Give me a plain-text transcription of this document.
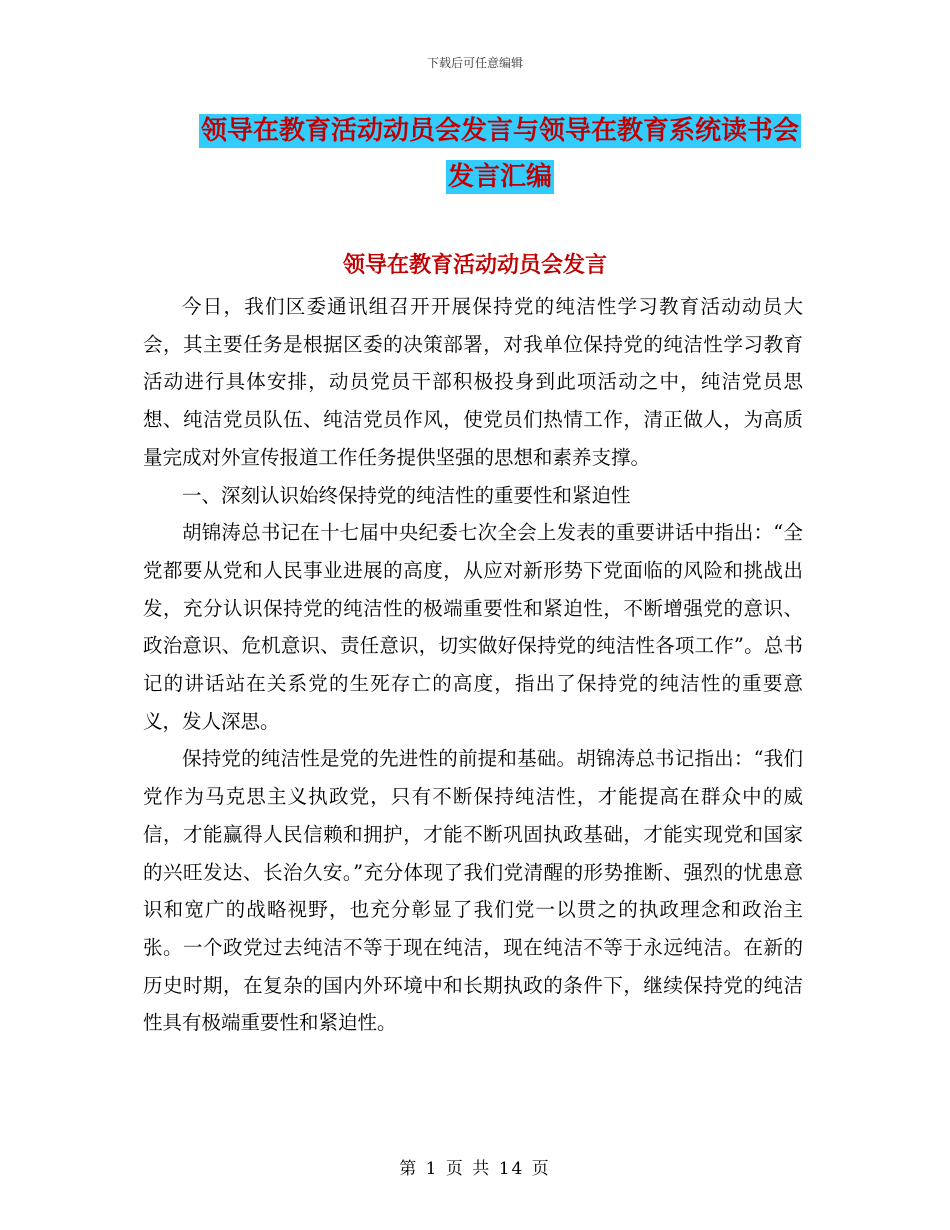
下载后可任意编辑
领导在教育活动动员会发言与领导在教育系统读书会
发言汇编
领导在教育活动动员会发言

今日，我们区委通讯组召开开展保持党的纯洁性学习教育活动动员大会，其主要任务是根据区委的决策部署，对我单位保持党的纯洁性学习教育活动进行具体安排，动员党员干部积极投身到此项活动之中，纯洁党员思想、纯洁党员队伍、纯洁党员作风，使党员们热情工作，清正做人，为高质量完成对外宣传报道工作任务提供坚强的思想和素养支撑。

一、深刻认识始终保持党的纯洁性的重要性和紧迫性

胡锦涛总书记在十七届中央纪委七次全会上发表的重要讲话中指出：“全党都要从党和人民事业进展的高度，从应对新形势下党面临的风险和挑战出发，充分认识保持党的纯洁性的极端重要性和紧迫性，不断增强党的意识、政治意识、危机意识、责任意识，切实做好保持党的纯洁性各项工作”。总书记的讲话站在关系党的生死存亡的高度，指出了保持党的纯洁性的重要意义，发人深思。

保持党的纯洁性是党的先进性的前提和基础。胡锦涛总书记指出：“我们党作为马克思主义执政党，只有不断保持纯洁性，才能提高在群众中的威信，才能赢得人民信赖和拥护，才能不断巩固执政基础，才能实现党和国家的兴旺发达、长治久安。”充分体现了我们党清醒的形势推断、强烈的忧患意识和宽广的战略视野，也充分彰显了我们党一以贯之的执政理念和政治主张。一个政党过去纯洁不等于现在纯洁，现在纯洁不等于永远纯洁。在新的历史时期，在复杂的国内外环境中和长期执政的条件下，继续保持党的纯洁性具有极端重要性和紧迫性。

第 1 页 共 14 页
